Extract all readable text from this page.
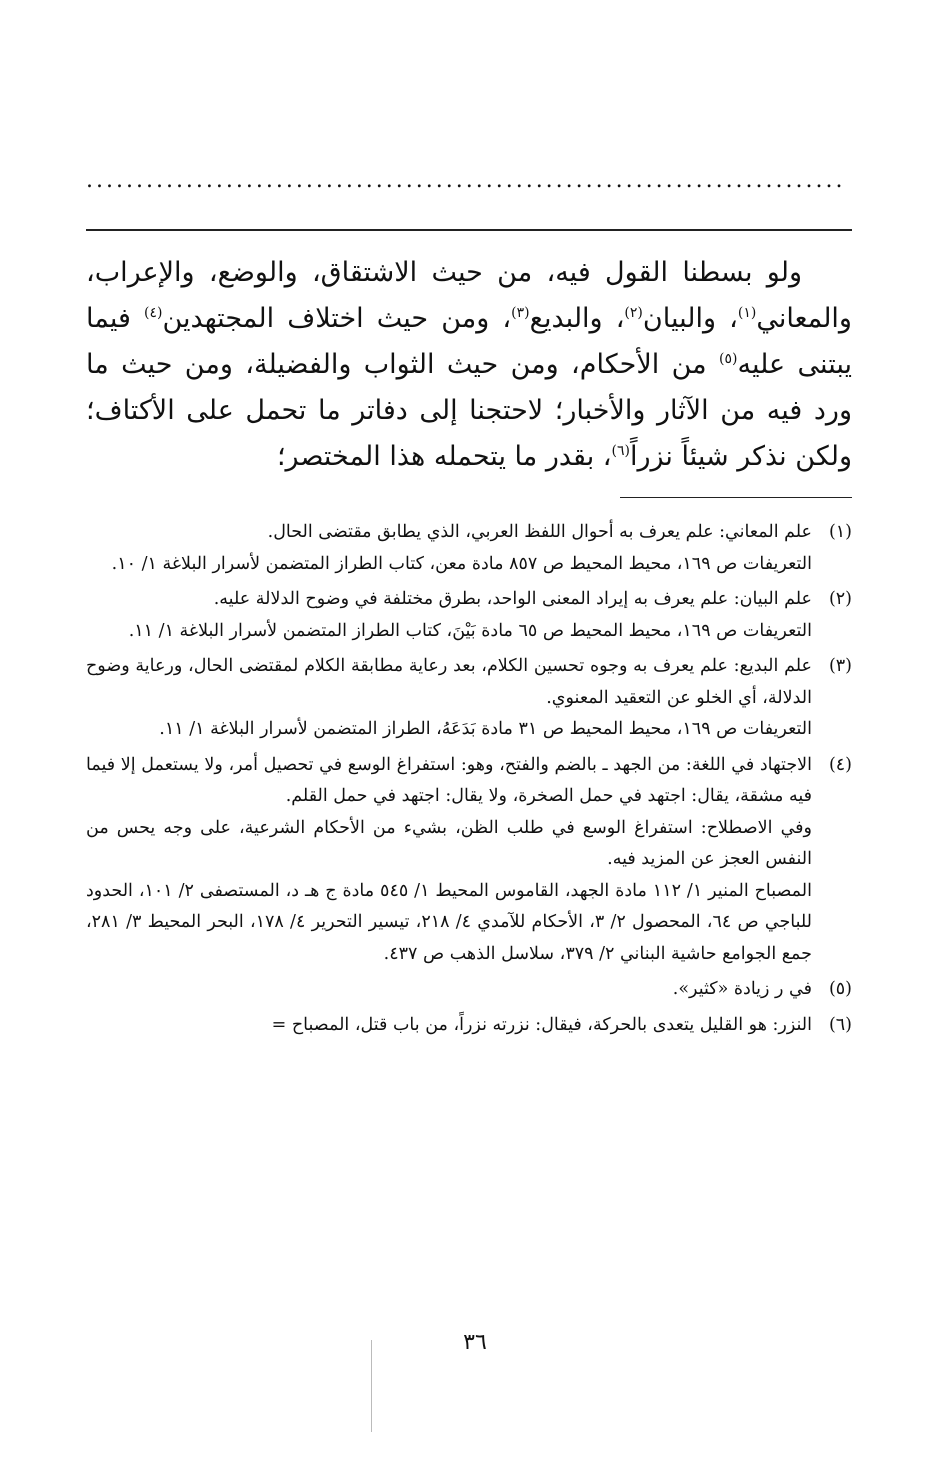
............................................................................

ولو بسطنا القول فيه، من حيث الاشتقاق، والوضع، والإعراب، والمعاني$^{(١)}$، والبيان$^{(٢)}$، والبديع$^{(٣)}$، ومن حيث اختلاف المجتهدين$^{(٤)}$ فيما يبتنى عليه$^{(٥)}$ من الأحكام، ومن حيث الثواب والفضيلة، ومن حيث ما ورد فيه من الآثار والأخبار؛ لاحتجنا إلى دفاتر ما تحمل على الأكتاف؛ ولكن نذكر شيئاً نزراً$^{(٦)}$، بقدر ما يتحمله هذا المختصر؛

(١)
علم المعاني: علم يعرف به أحوال اللفظ العربي، الذي يطابق مقتضى الحال.
التعريفات ص ١٦٩، محيط المحيط ص ٨٥٧ مادة معن، كتاب الطراز المتضمن لأسرار البلاغة ١/ ١٠.
(٢)
علم البيان: علم يعرف به إيراد المعنى الواحد، بطرق مختلفة في وضوح الدلالة عليه.
التعريفات ص ١٦٩، محيط المحيط ص ٦٥ مادة بَيْنَ، كتاب الطراز المتضمن لأسرار البلاغة ١/ ١١.
(٣)
علم البديع: علم يعرف به وجوه تحسين الكلام، بعد رعاية مطابقة الكلام لمقتضى الحال، ورعاية وضوح الدلالة، أي الخلو عن التعقيد المعنوي.
التعريفات ص ١٦٩، محيط المحيط ص ٣١ مادة بَدَعَهُ، الطراز المتضمن لأسرار البلاغة ١/ ١١.
(٤)
الاجتهاد في اللغة: من الجهد ـ بالضم والفتح، وهو: استفراغ الوسع في تحصيل أمر، ولا يستعمل إلا فيما فيه مشقة، يقال: اجتهد في حمل الصخرة، ولا يقال: اجتهد في حمل القلم.
وفي الاصطلاح: استفراغ الوسع في طلب الظن، بشيء من الأحكام الشرعية، على وجه يحس من النفس العجز عن المزيد فيه.
المصباح المنير ١/ ١١٢ مادة الجهد، القاموس المحيط ١/ ٥٤٥ مادة ج هـ د، المستصفى ٢/ ١٠١، الحدود للباجي ص ٦٤، المحصول ٢/ ٣، الأحكام للآمدي ٤/ ٢١٨، تيسير التحرير ٤/ ١٧٨، البحر المحيط ٣/ ٢٨١، جمع الجوامع حاشية البناني ٢/ ٣٧٩، سلاسل الذهب ص ٤٣٧.
(٥)
في ر زيادة «كثير».
(٦)
النزر: هو القليل يتعدى بالحركة، فيقال: نزرته نزراً، من باب قتل، المصباح =
٣٦
